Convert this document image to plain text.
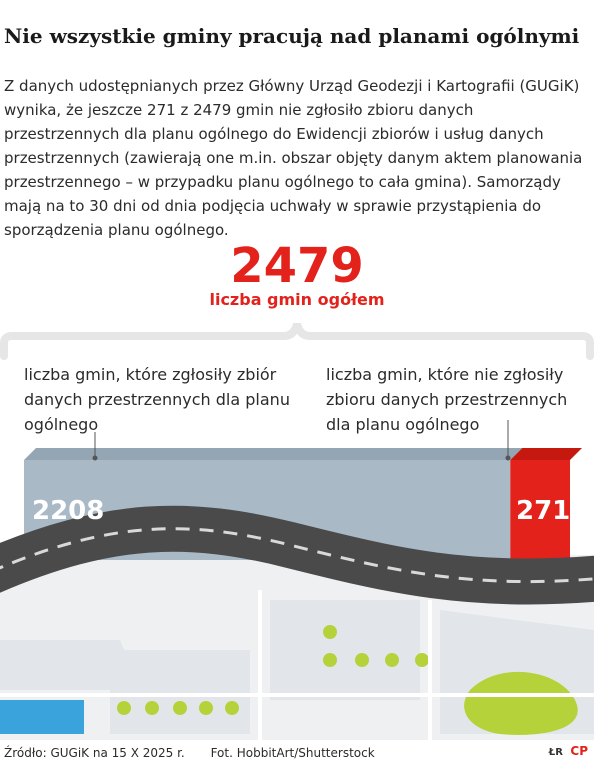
Nie wszystkie gminy pracują nad planami ogólnymi

Z danych udostępnianych przez Główny Urząd Geodezji i Kartografii (GUGiK) wynika, że jeszcze 271 z 2479 gmin nie zgłosiło zbioru danych przestrzennych dla planu ogólnego do Ewidencji zbiorów i usług danych przestrzennych (zawierają one m.in. obszar objęty danym aktem planowania przestrzennego – w przypadku planu ogólnego to cała gmina). Samorządy mają na to 30 dni od dnia podjęcia uchwały w sprawie przystąpienia do sporządzenia planu ogólnego.

2479
liczba gmin ogółem
liczba gmin, które zgłosiły zbiór danych przestrzennych dla planu ogólnego
liczba gmin, które nie zgłosiły zbioru danych przestrzennych dla planu ogólnego
2208	271
Źródło: GUGiK na 15 X 2025 r. Fot. HobbitArt/Shutterstock	ŁR CP
